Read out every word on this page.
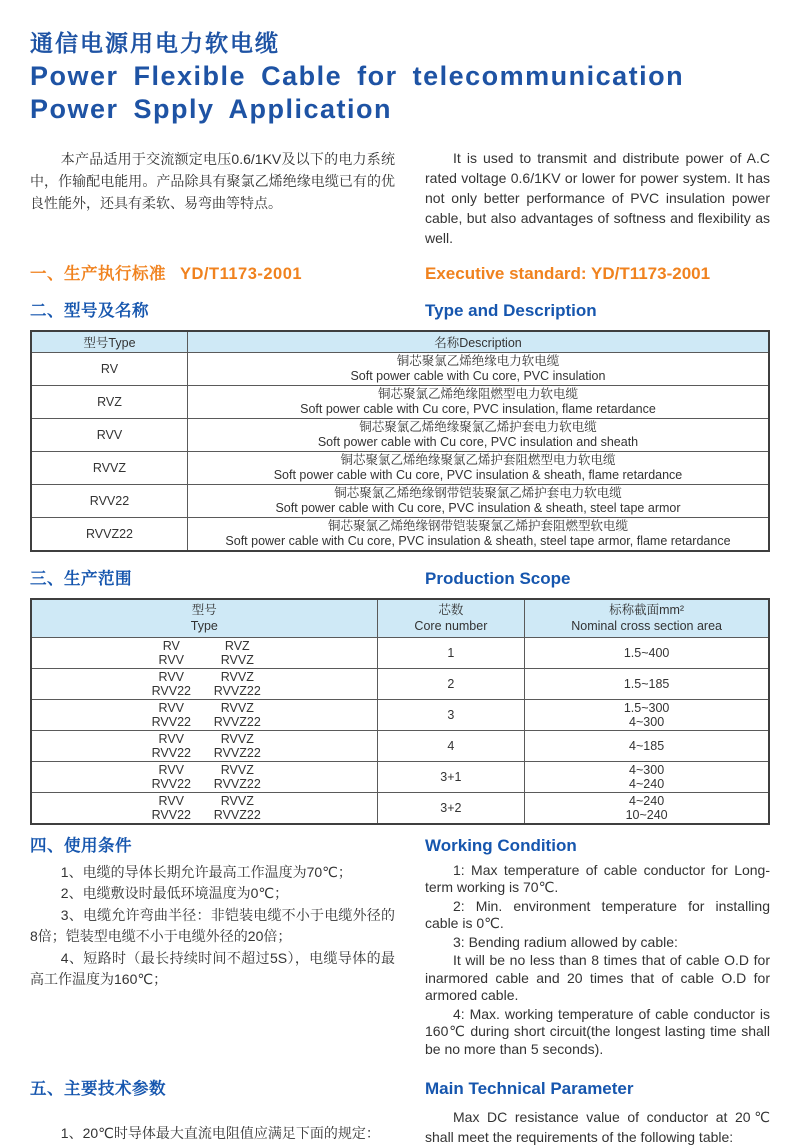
通信电源用电力软电缆
Power Flexible Cable for telecommunication
Power Spply Application

本产品适用于交流额定电压0.6/1KV及以下的电力系统中，作输配电能用。产品除具有聚氯乙烯绝缘电缆已有的优良性能外，还具有柔软、易弯曲等特点。

It is used to transmit and distribute power of A.C rated voltage 0.6/1KV or lower for power system. It has not only better performance of PVC insulation power cable, but also advantages of softness and flexibility as well.

一、生产执行标准 YD/T1173-2001	Executive standard: YD/T1173-2001
二、型号及名称	Type and Description
型号Type	名称Description
RV	铜芯聚氯乙烯绝缘电力软电缆
Soft power cable with Cu core, PVC insulation

RVZ	铜芯聚氯乙烯绝缘阻燃型电力软电缆
Soft power cable with Cu core, PVC insulation, flame retardance

RVV	铜芯聚氯乙烯绝缘聚氯乙烯护套电力软电缆
Soft power cable with Cu core, PVC insulation and sheath

RVVZ	铜芯聚氯乙烯绝缘聚氯乙烯护套阻燃型电力软电缆
Soft power cable with Cu core, PVC insulation & sheath, flame retardance

RVV22	铜芯聚氯乙烯绝缘钢带铠装聚氯乙烯护套电力软电缆
Soft power cable with Cu core, PVC insulation & sheath, steel tape armor

RVVZ22	铜芯聚氯乙烯绝缘钢带铠装聚氯乙烯护套阻燃型软电缆
Soft power cable with Cu core, PVC insulation & sheath, steel tape armor, flame retardance
三、生产范围	Production Scope
型号
Type

芯数
Core number

标称截面mm²
Nominal cross section area

RV RVZ
RVV RVVZ	1	1.5~400

RVV RVVZ
RVV22 RVVZ22	2	1.5~185

RVV	RVVZ
RVV22	RVVZ22	3	1.5~300
4~300

RVV RVVZ
RVV22 RVVZ22	4	4~185

RVV	RVVZ
RVV22	RVVZ22	3+1	4~300
4~240

RVV	RVVZ
RVV22	RVVZ22	3+2	4~240
10~240
四、使用条件	Working Condition

1、电缆的导体长期允许最高工作温度为70℃；

2、电缆敷设时最低环境温度为0℃；

3、电缆允许弯曲半径：非铠装电缆不小于电缆外径的8倍；铠装型电缆不小于电缆外径的20倍；

4、短路时（最长持续时间不超过5S），电缆导体的最高工作温度为160℃；

1: Max temperature of cable conductor for Long-term working is 70℃.

2: Min. environment temperature for installing cable is 0℃.

3: Bending radium allowed by cable:

It will be no less than 8 times that of cable O.D for inarmored cable and 20 times that of cable O.D for armored cable.

4: Max. working temperature of cable conductor is 160℃ during short circuit(the longest lasting time shall be no more than 5 seconds).

五、主要技术参数	Main Technical Parameter

1、20℃时导体最大直流电阻值应满足下面的规定：

Max DC resistance value of conductor at 20℃ shall meet the requirements of the following table:
